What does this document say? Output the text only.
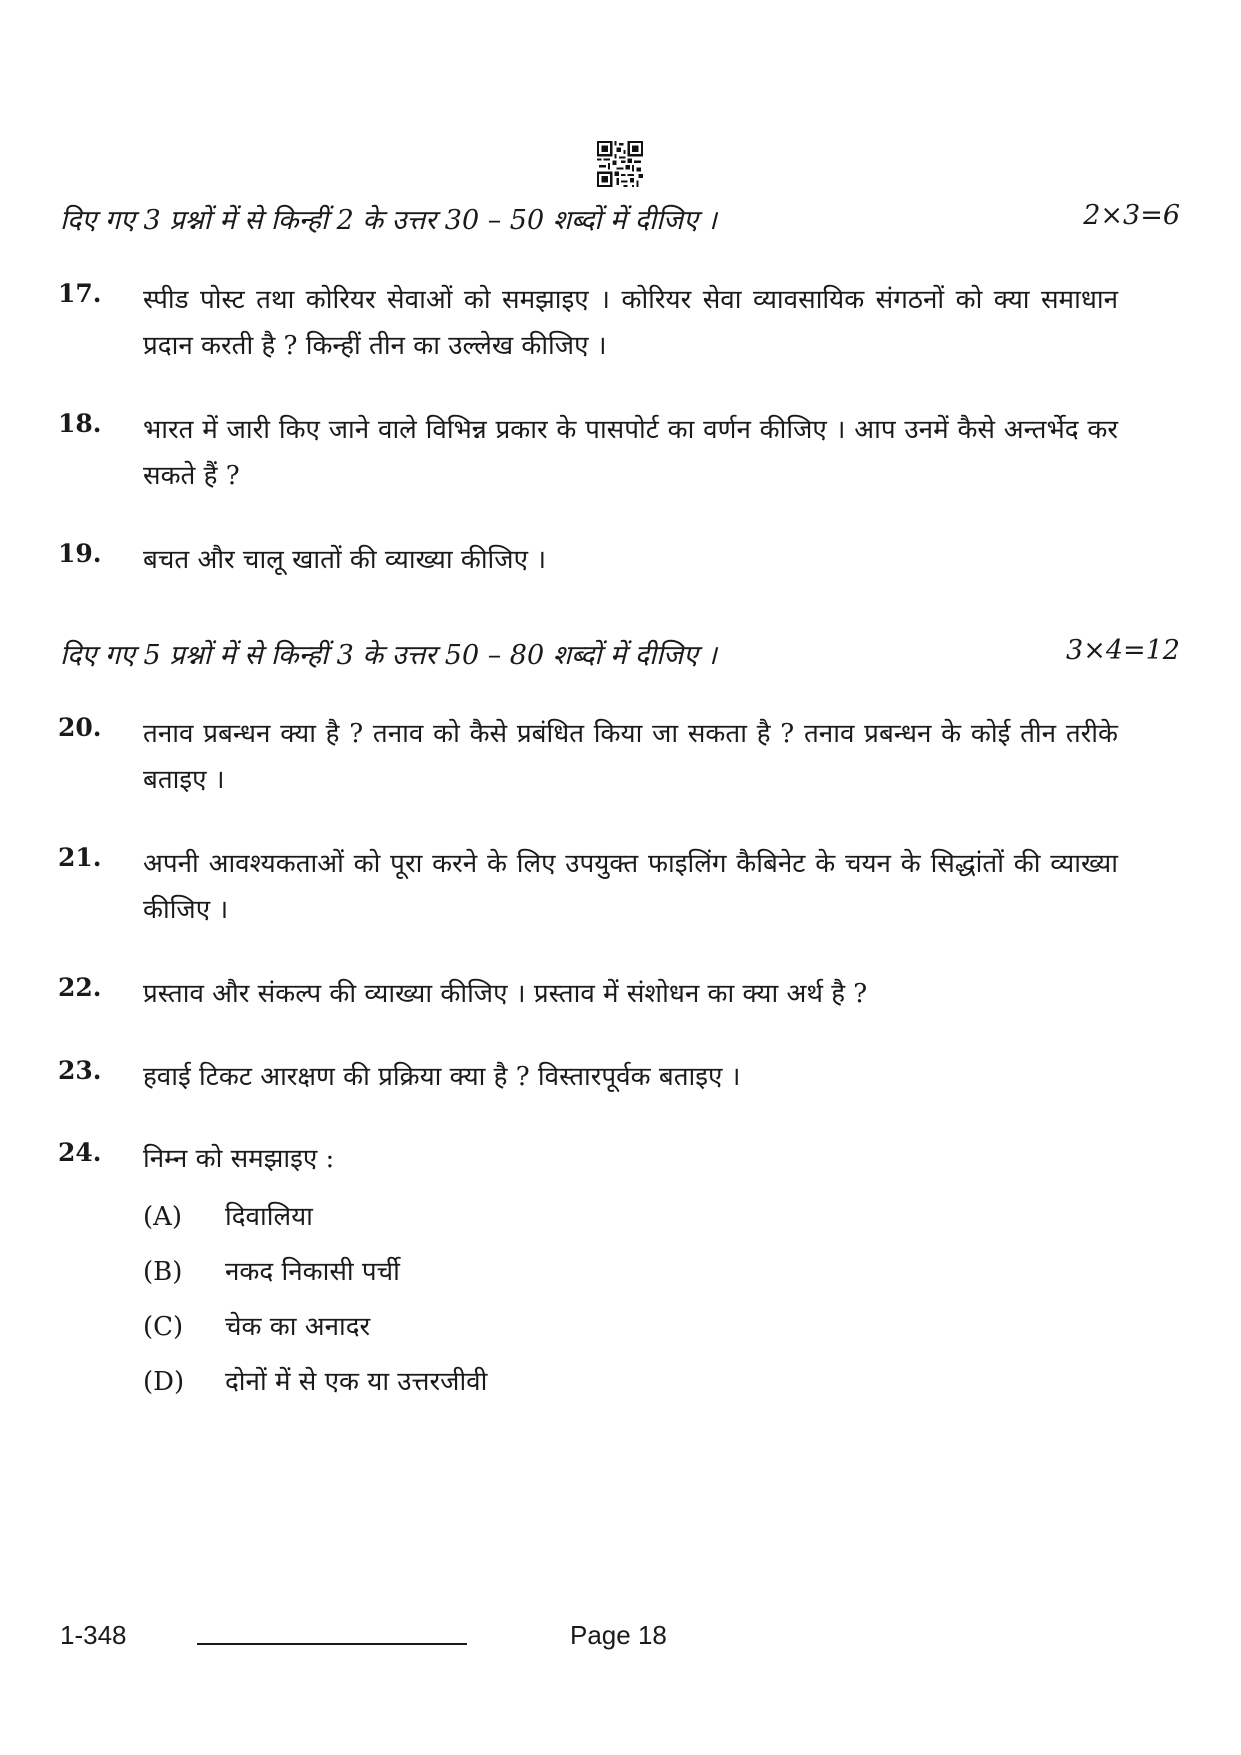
दिए गए 3 प्रश्नों में से किन्हीं 2 के उत्तर 30 – 50 शब्दों में दीजिए ।	2×3=6
17. स्पीड पोस्ट तथा कोरियर सेवाओं को समझाइए । कोरियर सेवा व्यावसायिक संगठनों को क्या समाधान प्रदान करती है ? किन्हीं तीन का उल्लेख कीजिए ।
18. भारत में जारी किए जाने वाले विभिन्न प्रकार के पासपोर्ट का वर्णन कीजिए । आप उनमें कैसे अन्तर्भेद कर सकते हैं ?
19. बचत और चालू खातों की व्याख्या कीजिए ।
दिए गए 5 प्रश्नों में से किन्हीं 3 के उत्तर 50 – 80 शब्दों में दीजिए ।	3×4=12
20. तनाव प्रबन्धन क्या है ? तनाव को कैसे प्रबंधित किया जा सकता है ? तनाव प्रबन्धन के कोई तीन तरीके बताइए ।
21. अपनी आवश्यकताओं को पूरा करने के लिए उपयुक्त फाइलिंग कैबिनेट के चयन के सिद्धांतों की व्याख्या कीजिए ।
22. प्रस्ताव और संकल्प की व्याख्या कीजिए । प्रस्ताव में संशोधन का क्या अर्थ है ?
23. हवाई टिकट आरक्षण की प्रक्रिया क्या है ? विस्तारपूर्वक बताइए ।
24. निम्न को समझाइए :
(A) दिवालिया
(B) नकद निकासी पर्ची
(C) चेक का अनादर
(D) दोनों में से एक या उत्तरजीवी
1-348	Page 18
